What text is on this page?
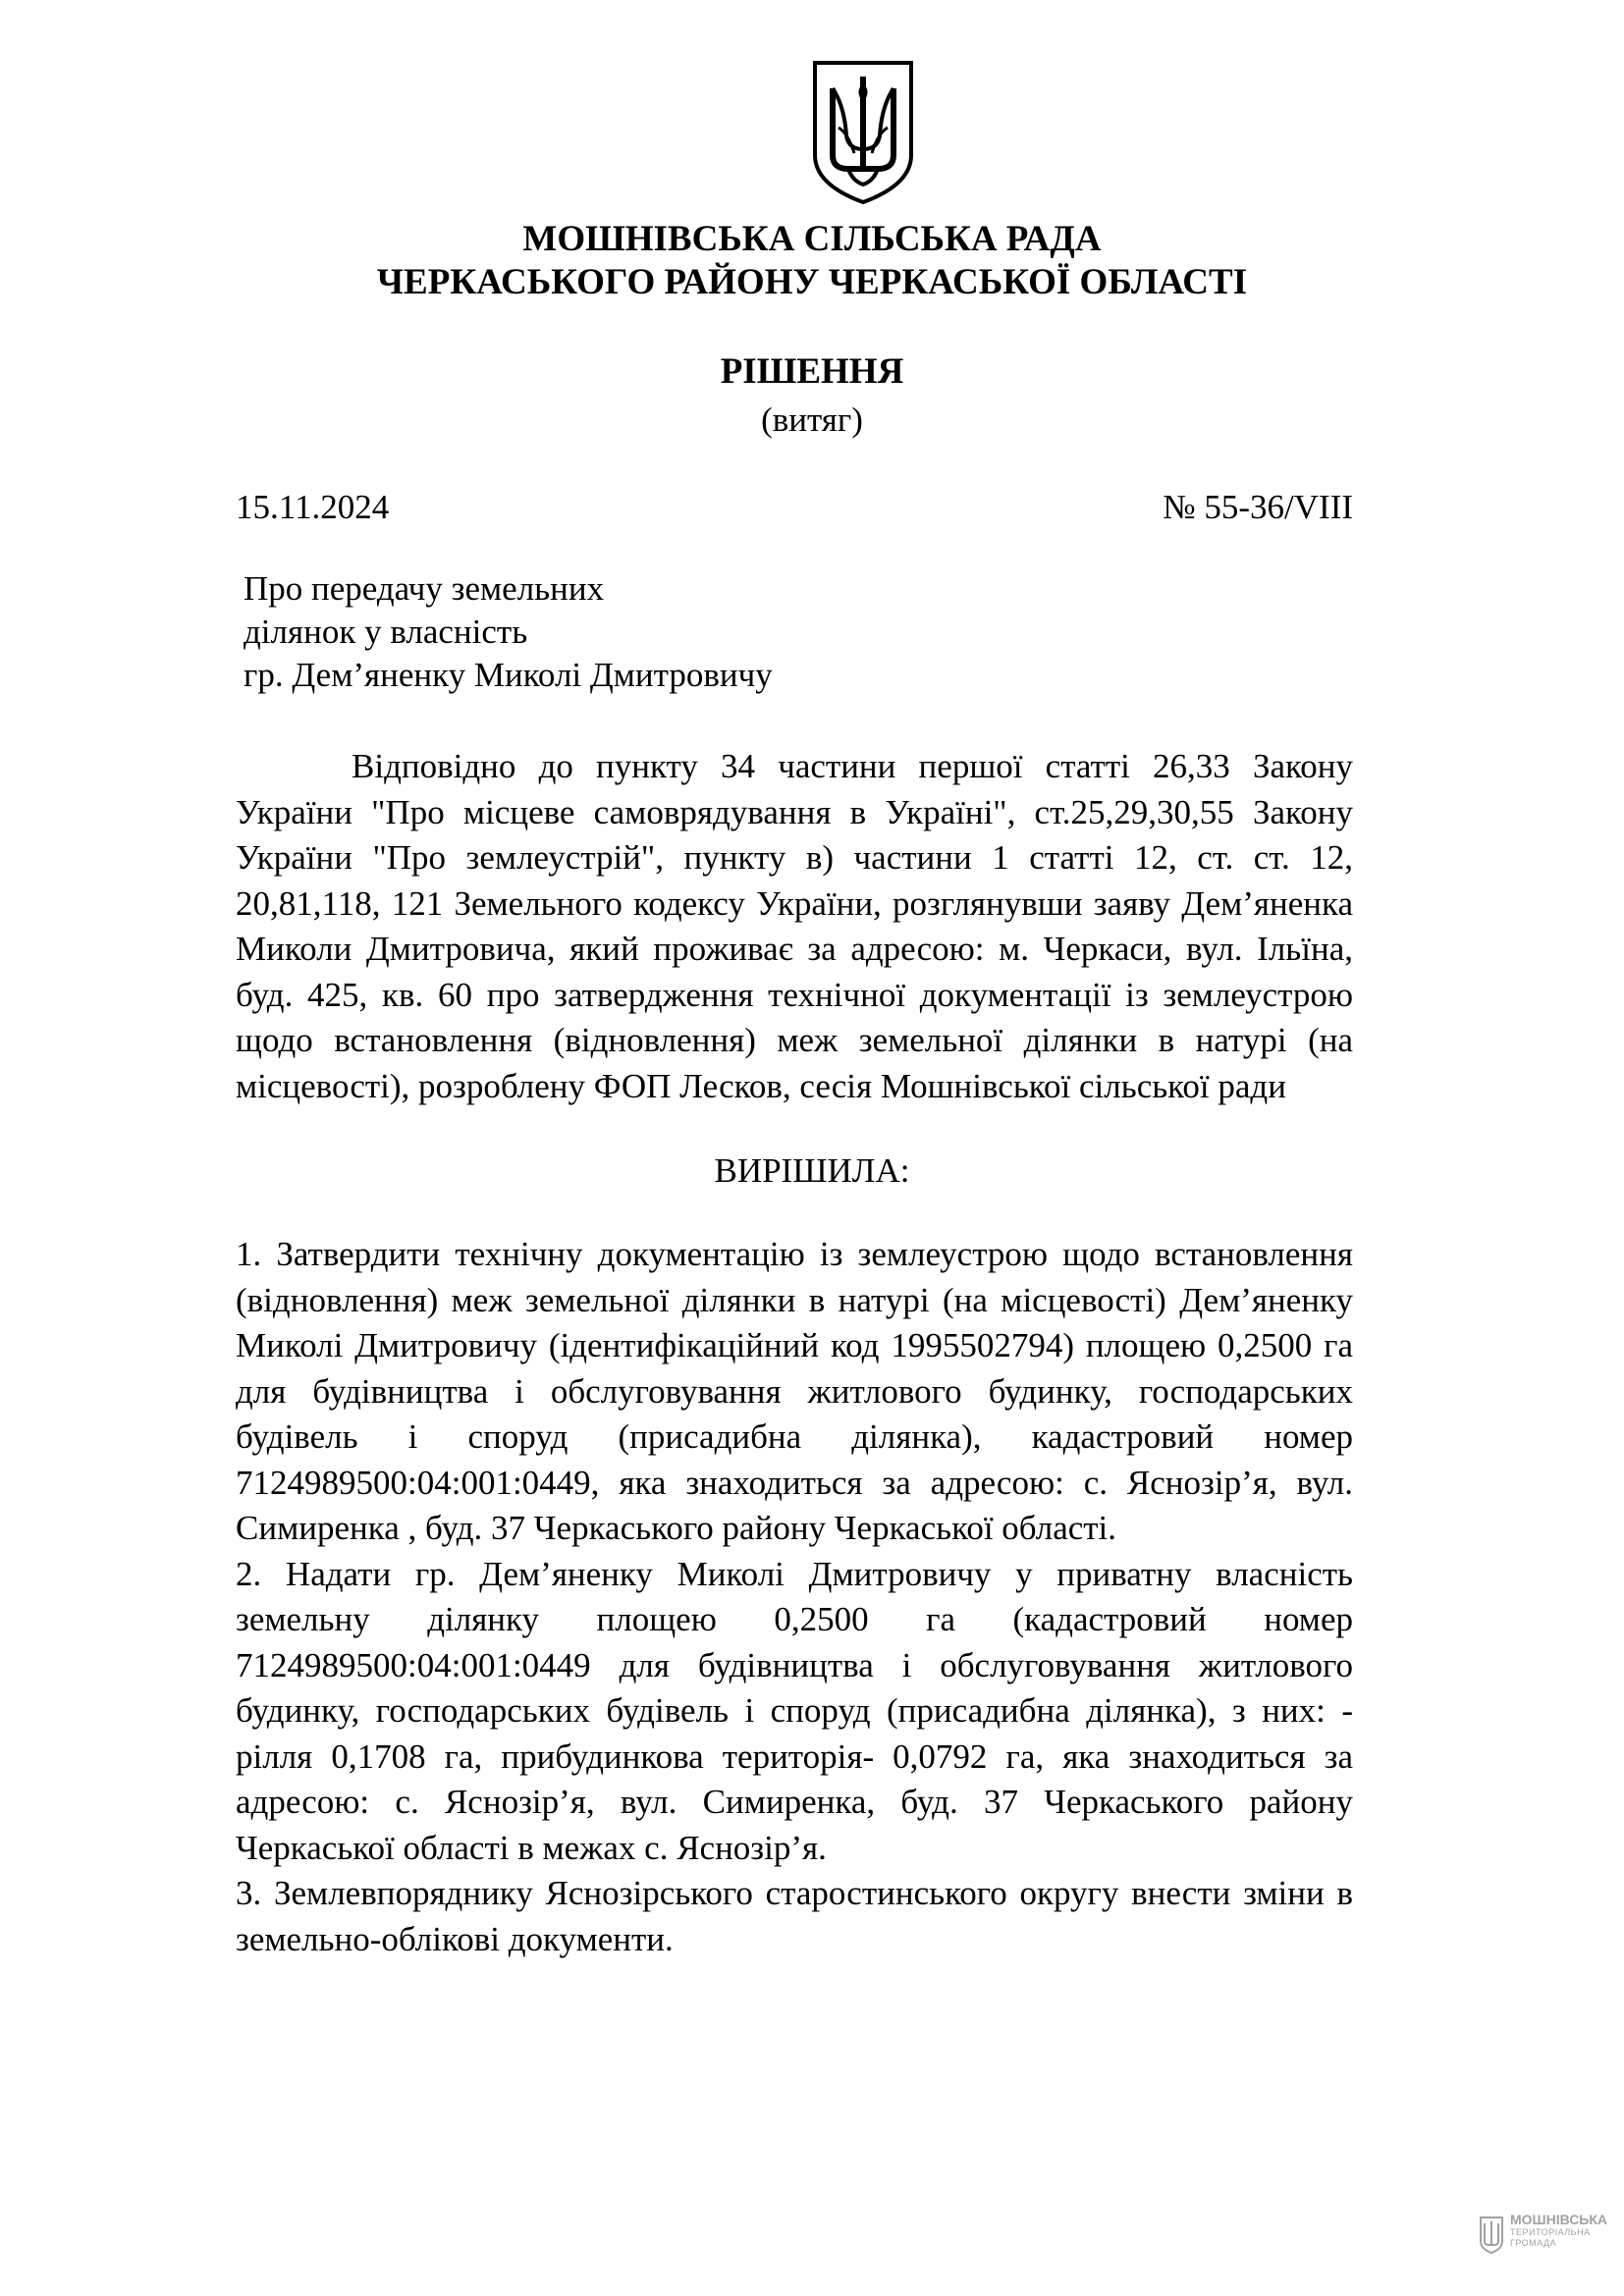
МОШНІВСЬКА СІЛЬСЬКА РАДА
ЧЕРКАСЬКОГО РАЙОНУ ЧЕРКАСЬКОЇ ОБЛАСТІ
РІШЕННЯ
(витяг)
15.11.2024	№ 55-36/VIII
Про передачу земельних
ділянок у власність
гр. Дем’яненку Миколі Дмитровичу
Відповідно до пункту 34 частини першої статті 26,33 Закону України "Про місцеве самоврядування в Україні", ст.25,29,30,55 Закону України "Про землеустрій", пункту в) частини 1 статті 12, ст. ст. 12, 20,81,118, 121 Земельного кодексу України, розглянувши заяву Дем’яненка Миколи Дмитровича, який проживає за адресою: м. Черкаси, вул. Ільїна, буд. 425, кв. 60 про затвердження технічної документації із землеустрою щодо встановлення (відновлення) меж земельної ділянки в натурі (на місцевості), розроблену ФОП Лесков, сесія Мошнівської сільської ради
ВИРІШИЛА:

1. Затвердити технічну документацію із землеустрою щодо встановлення (відновлення) меж земельної ділянки в натурі (на місцевості) Дем’яненку Миколі Дмитровичу (ідентифікаційний код 1995502794) площею 0,2500 га для будівництва і обслуговування житлового будинку, господарських будівель і споруд (присадибна ділянка), кадастровий номер 7124989500:04:001:0449, яка знаходиться за адресою: с. Яснозір’я, вул. Симиренка , буд. 37 Черкаського району Черкаської області.

2. Надати гр. Дем’яненку Миколі Дмитровичу у приватну власність земельну ділянку площею 0,2500 га (кадастровий номер 7124989500:04:001:0449 для будівництва і обслуговування житлового будинку, господарських будівель і споруд (присадибна ділянка), з них: - рілля 0,1708 га, прибудинкова територія- 0,0792 га, яка знаходиться за адресою: с. Яснозір’я, вул. Симиренка, буд. 37 Черкаського району Черкаської області в межах с. Яснозір’я.

3. Землевпоряднику Яснозірського старостинського округу внести зміни в земельно-облікові документи.

МОШНІВСЬКА
ТЕРИТОРІАЛЬНА
ГРОМАДА
